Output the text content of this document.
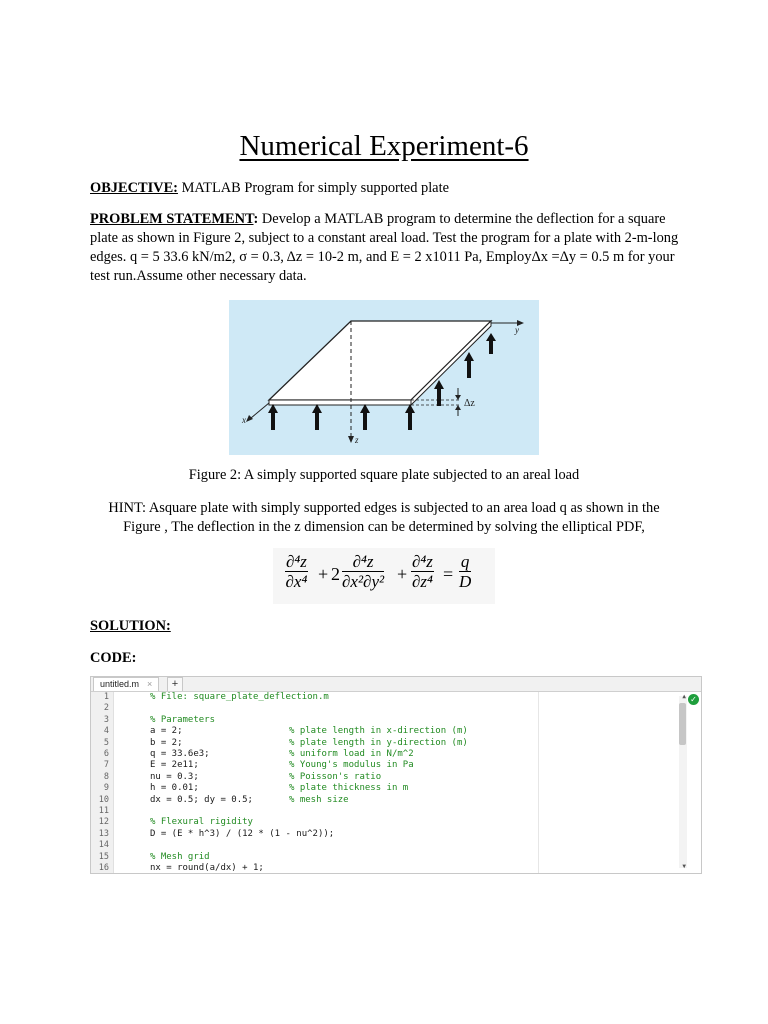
Numerical Experiment-6
OBJECTIVE: MATLAB Program for simply supported plate
PROBLEM STATEMENT: Develop a MATLAB program to determine the deflection for a square plate as shown in Figure 2, subject to a constant areal load. Test the program for a plate with 2-m-long edges. q = 5 33.6 kN/m2, σ = 0.3, Δz = 10-2 m, and E = 2 x1011 Pa, EmployΔx =Δy = 0.5 m for your test run.Assume other necessary data.
Δz
y
x
z
Figure 2: A simply supported square plate subjected to an areal load
HINT: Asquare plate with simply supported edges is subjected to an area load q as shown in the Figure , The deflection in the z dimension can be determined by solving the elliptical PDF,
$\frac{\text{∂⁴z}}{\text{∂x⁴}} + 2 \frac{\text{∂⁴z}}{\text{∂x²∂y²}} + \frac{\text{∂⁴z}}{\text{∂z⁴}} = \frac{q}{D}$
SOLUTION:
CODE:
untitled.m ×	+
1	% File: square_plate_deflection.m
2
3	% Parameters
4	a = 2;	% plate length in x-direction (m)
5	b = 2;	% plate length in y-direction (m)
6	q = 33.6e3;	% uniform load in N/m^2
7	E = 2e11;	% Young's modulus in Pa
8	nu = 0.3;	% Poisson's ratio
9	h = 0.01;	% plate thickness in m
10	dx = 0.5; dy = 0.5;	% mesh size
11
12	% Flexural rigidity
13	D = (E * h^3) / (12 * (1 - nu^2));
14
15	% Mesh grid
16	nx = round(a/dx) + 1;
▲
▼
✓
